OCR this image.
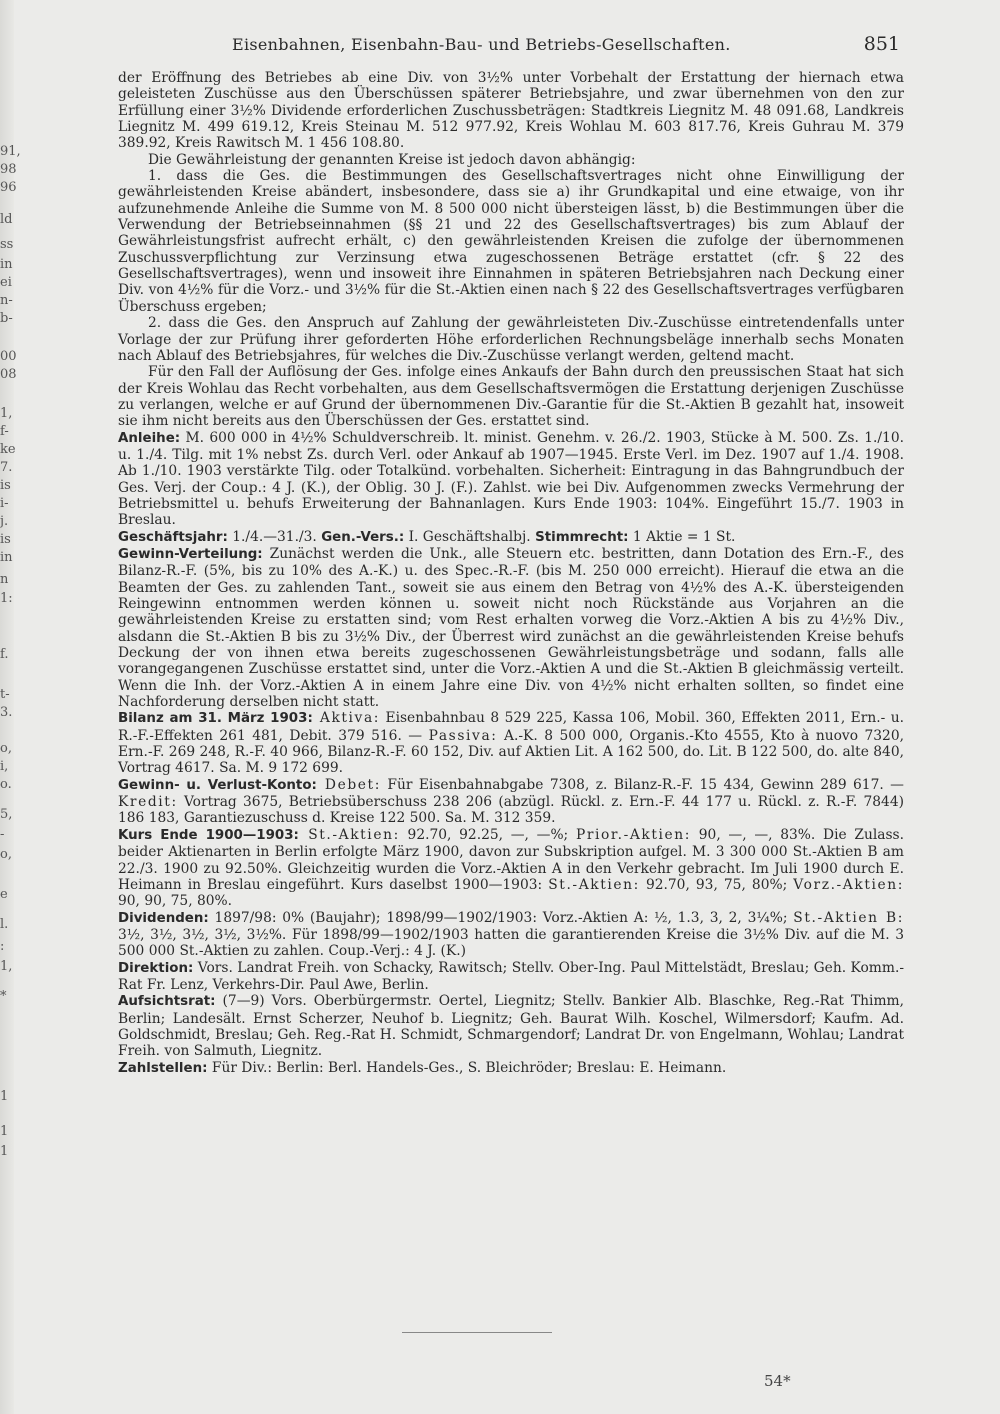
91,
98
96
ld
ss
in
ei
n-
b-
00
08
1,
f-
ke
7.
is
i-
j.
is
in
n
1:
f.
t-
3.
o,
i,
o.
5,
-
o,
e
l.
:
1,
*
1
1
1
Eisenbahnen, Eisenbahn-Bau- und Betriebs-Gesellschaften.	851

der Eröffnung des Betriebes ab eine Div. von 3½% unter Vorbehalt der Erstattung der hiernach etwa geleisteten Zuschüsse aus den Überschüssen späterer Betriebsjahre, und zwar übernehmen von den zur Erfüllung einer 3½% Dividende erforderlichen Zuschussbeträgen: Stadtkreis Liegnitz M. 48 091.68, Landkreis Liegnitz M. 499 619.12, Kreis Steinau M. 512 977.92, Kreis Wohlau M. 603 817.76, Kreis Guhrau M. 379 389.92, Kreis Rawitsch M. 1 456 108.80.

Die Gewährleistung der genannten Kreise ist jedoch davon abhängig:

1. dass die Ges. die Bestimmungen des Gesellschaftsvertrages nicht ohne Einwilligung der gewährleistenden Kreise abändert, insbesondere, dass sie a) ihr Grundkapital und eine etwaige, von ihr aufzunehmende Anleihe die Summe von M. 8 500 000 nicht übersteigen lässt, b) die Bestimmungen über die Verwendung der Betriebseinnahmen (§§ 21 und 22 des Gesellschaftsvertrages) bis zum Ablauf der Gewährleistungsfrist aufrecht erhält, c) den gewährleistenden Kreisen die zufolge der übernommenen Zuschussverpflichtung zur Verzinsung etwa zugeschossenen Beträge erstattet (cfr. § 22 des Gesellschaftsvertrages), wenn und insoweit ihre Einnahmen in späteren Betriebsjahren nach Deckung einer Div. von 4½% für die Vorz.- und 3½% für die St.-Aktien einen nach § 22 des Gesellschaftsvertrages verfügbaren Überschuss ergeben;

2. dass die Ges. den Anspruch auf Zahlung der gewährleisteten Div.-Zuschüsse eintretendenfalls unter Vorlage der zur Prüfung ihrer geforderten Höhe erforderlichen Rechnungsbeläge innerhalb sechs Monaten nach Ablauf des Betriebsjahres, für welches die Div.-Zuschüsse verlangt werden, geltend macht.

Für den Fall der Auflösung der Ges. infolge eines Ankaufs der Bahn durch den preussischen Staat hat sich der Kreis Wohlau das Recht vorbehalten, aus dem Gesellschaftsvermögen die Erstattung derjenigen Zuschüsse zu verlangen, welche er auf Grund der übernommenen Div.-Garantie für die St.-Aktien B gezahlt hat, insoweit sie ihm nicht bereits aus den Überschüssen der Ges. erstattet sind.

Anleihe: M. 600 000 in 4½% Schuldverschreib. lt. minist. Genehm. v. 26./2. 1903, Stücke à M. 500. Zs. 1./10. u. 1./4. Tilg. mit 1% nebst Zs. durch Verl. oder Ankauf ab 1907—1945. Erste Verl. im Dez. 1907 auf 1./4. 1908. Ab 1./10. 1903 verstärkte Tilg. oder Totalkünd. vorbehalten. Sicherheit: Eintragung in das Bahngrundbuch der Ges. Verj. der Coup.: 4 J. (K.), der Oblig. 30 J. (F.). Zahlst. wie bei Div. Aufgenommen zwecks Vermehrung der Betriebsmittel u. behufs Erweiterung der Bahnanlagen. Kurs Ende 1903: 104%. Eingeführt 15./7. 1903 in Breslau.

Geschäftsjahr: 1./4.—31./3. Gen.-Vers.: I. Geschäftshalbj. Stimmrecht: 1 Aktie = 1 St.

Gewinn-Verteilung: Zunächst werden die Unk., alle Steuern etc. bestritten, dann Dotation des Ern.-F., des Bilanz-R.-F. (5%, bis zu 10% des A.-K.) u. des Spec.-R.-F. (bis M. 250 000 erreicht). Hierauf die etwa an die Beamten der Ges. zu zahlenden Tant., soweit sie aus einem den Betrag von 4½% des A.-K. übersteigenden Reingewinn entnommen werden können u. soweit nicht noch Rückstände aus Vorjahren an die gewährleistenden Kreise zu erstatten sind; vom Rest erhalten vorweg die Vorz.-Aktien A bis zu 4½% Div., alsdann die St.-Aktien B bis zu 3½% Div., der Überrest wird zunächst an die gewährleistenden Kreise behufs Deckung der von ihnen etwa bereits zugeschossenen Gewährleistungsbeträge und sodann, falls alle vorangegangenen Zuschüsse erstattet sind, unter die Vorz.-Aktien A und die St.-Aktien B gleichmässig verteilt. Wenn die Inh. der Vorz.-Aktien A in einem Jahre eine Div. von 4½% nicht erhalten sollten, so findet eine Nachforderung derselben nicht statt.

Bilanz am 31. März 1903: Aktiva: Eisenbahnbau 8 529 225, Kassa 106, Mobil. 360, Effekten 2011, Ern.- u. R.-F.-Effekten 261 481, Debit. 379 516. — Passiva: A.-K. 8 500 000, Organis.-Kto 4555, Kto à nuovo 7320, Ern.-F. 269 248, R.-F. 40 966, Bilanz-R.-F. 60 152, Div. auf Aktien Lit. A 162 500, do. Lit. B 122 500, do. alte 840, Vortrag 4617. Sa. M. 9 172 699.

Gewinn- u. Verlust-Konto: Debet: Für Eisenbahnabgabe 7308, z. Bilanz-R.-F. 15 434, Gewinn 289 617. — Kredit: Vortrag 3675, Betriebsüberschuss 238 206 (abzügl. Rückl. z. Ern.-F. 44 177 u. Rückl. z. R.-F. 7844) 186 183, Garantiezuschuss d. Kreise 122 500. Sa. M. 312 359.

Kurs Ende 1900—1903: St.-Aktien: 92.70, 92.25, —, —%; Prior.-Aktien: 90, —, —, 83%. Die Zulass. beider Aktienarten in Berlin erfolgte März 1900, davon zur Subskription aufgel. M. 3 300 000 St.-Aktien B am 22./3. 1900 zu 92.50%. Gleichzeitig wurden die Vorz.-Aktien A in den Verkehr gebracht. Im Juli 1900 durch E. Heimann in Breslau eingeführt. Kurs daselbst 1900—1903: St.-Aktien: 92.70, 93, 75, 80%; Vorz.-Aktien: 90, 90, 75, 80%.

Dividenden: 1897/98: 0% (Baujahr); 1898/99—1902/1903: Vorz.-Aktien A: ½, 1.3, 3, 2, 3¼%; St.-Aktien B: 3½, 3½, 3½, 3½, 3½%. Für 1898/99—1902/1903 hatten die garantierenden Kreise die 3½% Div. auf die M. 3 500 000 St.-Aktien zu zahlen. Coup.-Verj.: 4 J. (K.)

Direktion: Vors. Landrat Freih. von Schacky, Rawitsch; Stellv. Ober-Ing. Paul Mittelstädt, Breslau; Geh. Komm.-Rat Fr. Lenz, Verkehrs-Dir. Paul Awe, Berlin.

Aufsichtsrat: (7—9) Vors. Oberbürgermstr. Oertel, Liegnitz; Stellv. Bankier Alb. Blaschke, Reg.-Rat Thimm, Berlin; Landesält. Ernst Scherzer, Neuhof b. Liegnitz; Geh. Baurat Wilh. Koschel, Wilmersdorf; Kaufm. Ad. Goldschmidt, Breslau; Geh. Reg.-Rat H. Schmidt, Schmargendorf; Landrat Dr. von Engelmann, Wohlau; Landrat Freih. von Salmuth, Liegnitz.

Zahlstellen: Für Div.: Berlin: Berl. Handels-Ges., S. Bleichröder; Breslau: E. Heimann.

54*
